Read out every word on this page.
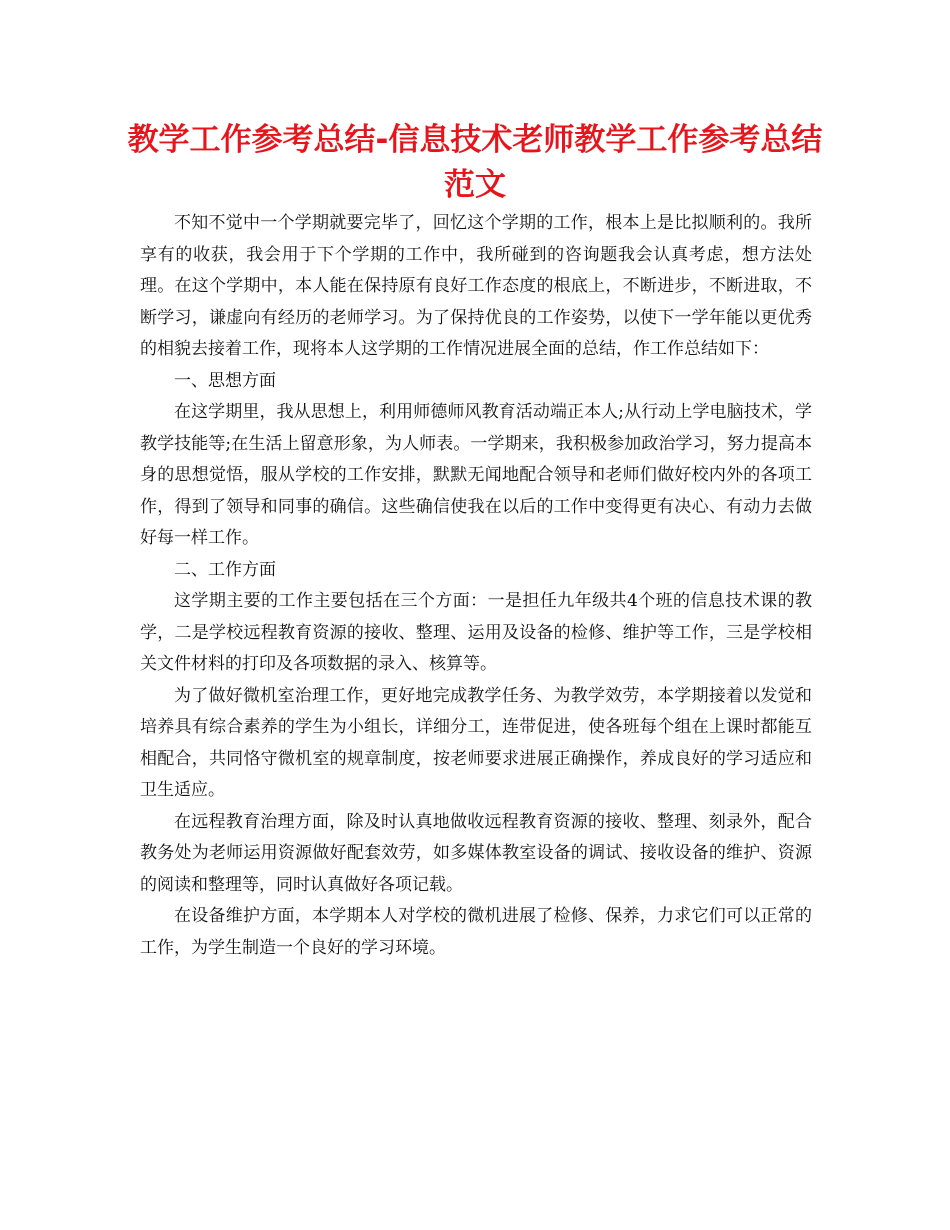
教学工作参考总结-信息技术老师教学工作参考总结范文

不知不觉中一个学期就要完毕了，回忆这个学期的工作，根本上是比拟顺利的。我所享有的收获，我会用于下个学期的工作中，我所碰到的咨询题我会认真考虑，想方法处理。在这个学期中，本人能在保持原有良好工作态度的根底上，不断进步，不断进取，不断学习，谦虚向有经历的老师学习。为了保持优良的工作姿势，以使下一学年能以更优秀的相貌去接着工作，现将本人这学期的工作情况进展全面的总结，作工作总结如下：

一、思想方面

在这学期里，我从思想上，利用师德师风教育活动端正本人;从行动上学电脑技术，学教学技能等;在生活上留意形象，为人师表。一学期来，我积极参加政治学习，努力提高本身的思想觉悟，服从学校的工作安排，默默无闻地配合领导和老师们做好校内外的各项工作，得到了领导和同事的确信。这些确信使我在以后的工作中变得更有决心、有动力去做好每一样工作。

二、工作方面

这学期主要的工作主要包括在三个方面：一是担任九年级共4个班的信息技术课的教学，二是学校远程教育资源的接收、整理、运用及设备的检修、维护等工作，三是学校相关文件材料的打印及各项数据的录入、核算等。

为了做好微机室治理工作，更好地完成教学任务、为教学效劳，本学期接着以发觉和培养具有综合素养的学生为小组长，详细分工，连带促进，使各班每个组在上课时都能互相配合，共同恪守微机室的规章制度，按老师要求进展正确操作，养成良好的学习适应和卫生适应。

在远程教育治理方面，除及时认真地做收远程教育资源的接收、整理、刻录外，配合教务处为老师运用资源做好配套效劳，如多媒体教室设备的调试、接收设备的维护、资源的阅读和整理等，同时认真做好各项记载。

在设备维护方面，本学期本人对学校的微机进展了检修、保养，力求它们可以正常的工作，为学生制造一个良好的学习环境。
